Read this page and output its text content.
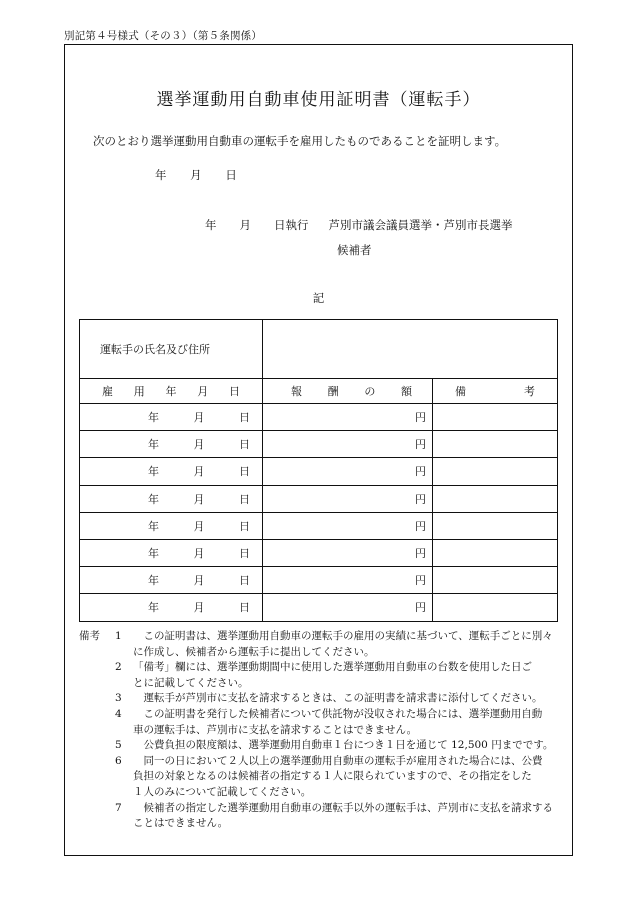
別記第４号様式（その３）（第５条関係）
選挙運動用自動車使用証明書（運転手）
次のとおり選挙運動用自動車の運転手を雇用したものであることを証明します。
年 月 日
年　　月　　日執行 芦別市議会議員選挙・芦別市長選挙
候補者
記
運転手の氏名及び住所		

雇 用 年 月 日	報 酬 の 額	備 考

年 月 日	円	

年 月 日	円	

年 月 日	円	

年 月 日	円	

年 月 日	円	

年 月 日	円	

年 月 日	円	

年 月 日	円	
備考 1 　この証明書は、選挙運動用自動車の運転手の雇用の実績に基づいて、運転手ごとに別々
に作成し、候補者から運転手に提出してください。
2 「備考」欄には、選挙運動期間中に使用した選挙運動用自動車の台数を使用した日ご
とに記載してください。
3 　運転手が芦別市に支払を請求するときは、この証明書を請求書に添付してください。
4 　この証明書を発行した候補者について供託物が没収された場合には、選挙運動用自動
車の運転手は、芦別市に支払を請求することはできません。
5 　公費負担の限度額は、選挙運動用自動車１台につき１日を通じて 12,500 円までです。
6 　同一の日において２人以上の選挙運動用自動車の運転手が雇用された場合には、公費
負担の対象となるのは候補者の指定する１人に限られていますので、その指定をした
１人のみについて記載してください。
7 　候補者の指定した選挙運動用自動車の運転手以外の運転手は、芦別市に支払を請求する
ことはできません。
